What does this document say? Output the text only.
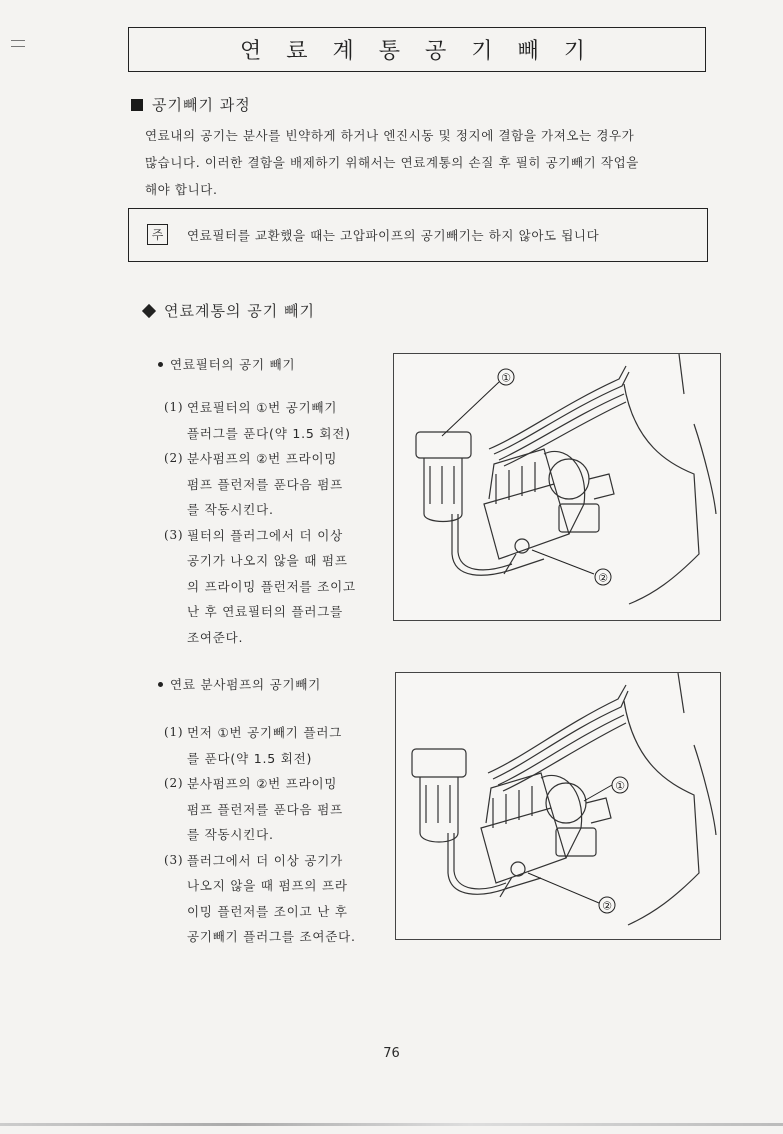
연 료 계 통 공 기 빼 기
공기빼기 과정

연료내의 공기는 분사를 빈약하게 하거나 엔진시동 및 정지에 결함을 가져오는 경우가
많습니다. 이러한 결함을 배제하기 위해서는 연료계통의 손질 후 필히 공기빼기 작업을
해야 합니다.

주	연료필터를 교환했을 때는 고압파이프의 공기빼기는 하지 않아도 됩니다
연료계통의 공기 빼기
연료필터의 공기 빼기
(1) 연료필터의 ①번 공기빼기
플러그를 푼다(약 1.5 회전)
(2) 분사펌프의 ②번 프라이밍
펌프 플런저를 푼다음 펌프
를 작동시킨다.
(3) 필터의 플러그에서 더 이상
공기가 나오지 않을 때 펌프
의 프라이밍 플런저를 조이고
난 후 연료필터의 플러그를
조여준다.
①
②
연료 분사펌프의 공기빼기
(1) 먼저 ①번 공기빼기 플러그
를 푼다(약 1.5 회전)
(2) 분사펌프의 ②번 프라이밍
펌프 플런저를 푼다음 펌프
를 작동시킨다.
(3) 플러그에서 더 이상 공기가
나오지 않을 때 펌프의 프라
이밍 플런저를 조이고 난 후
공기빼기 플러그를 조여준다.
①
②
76
